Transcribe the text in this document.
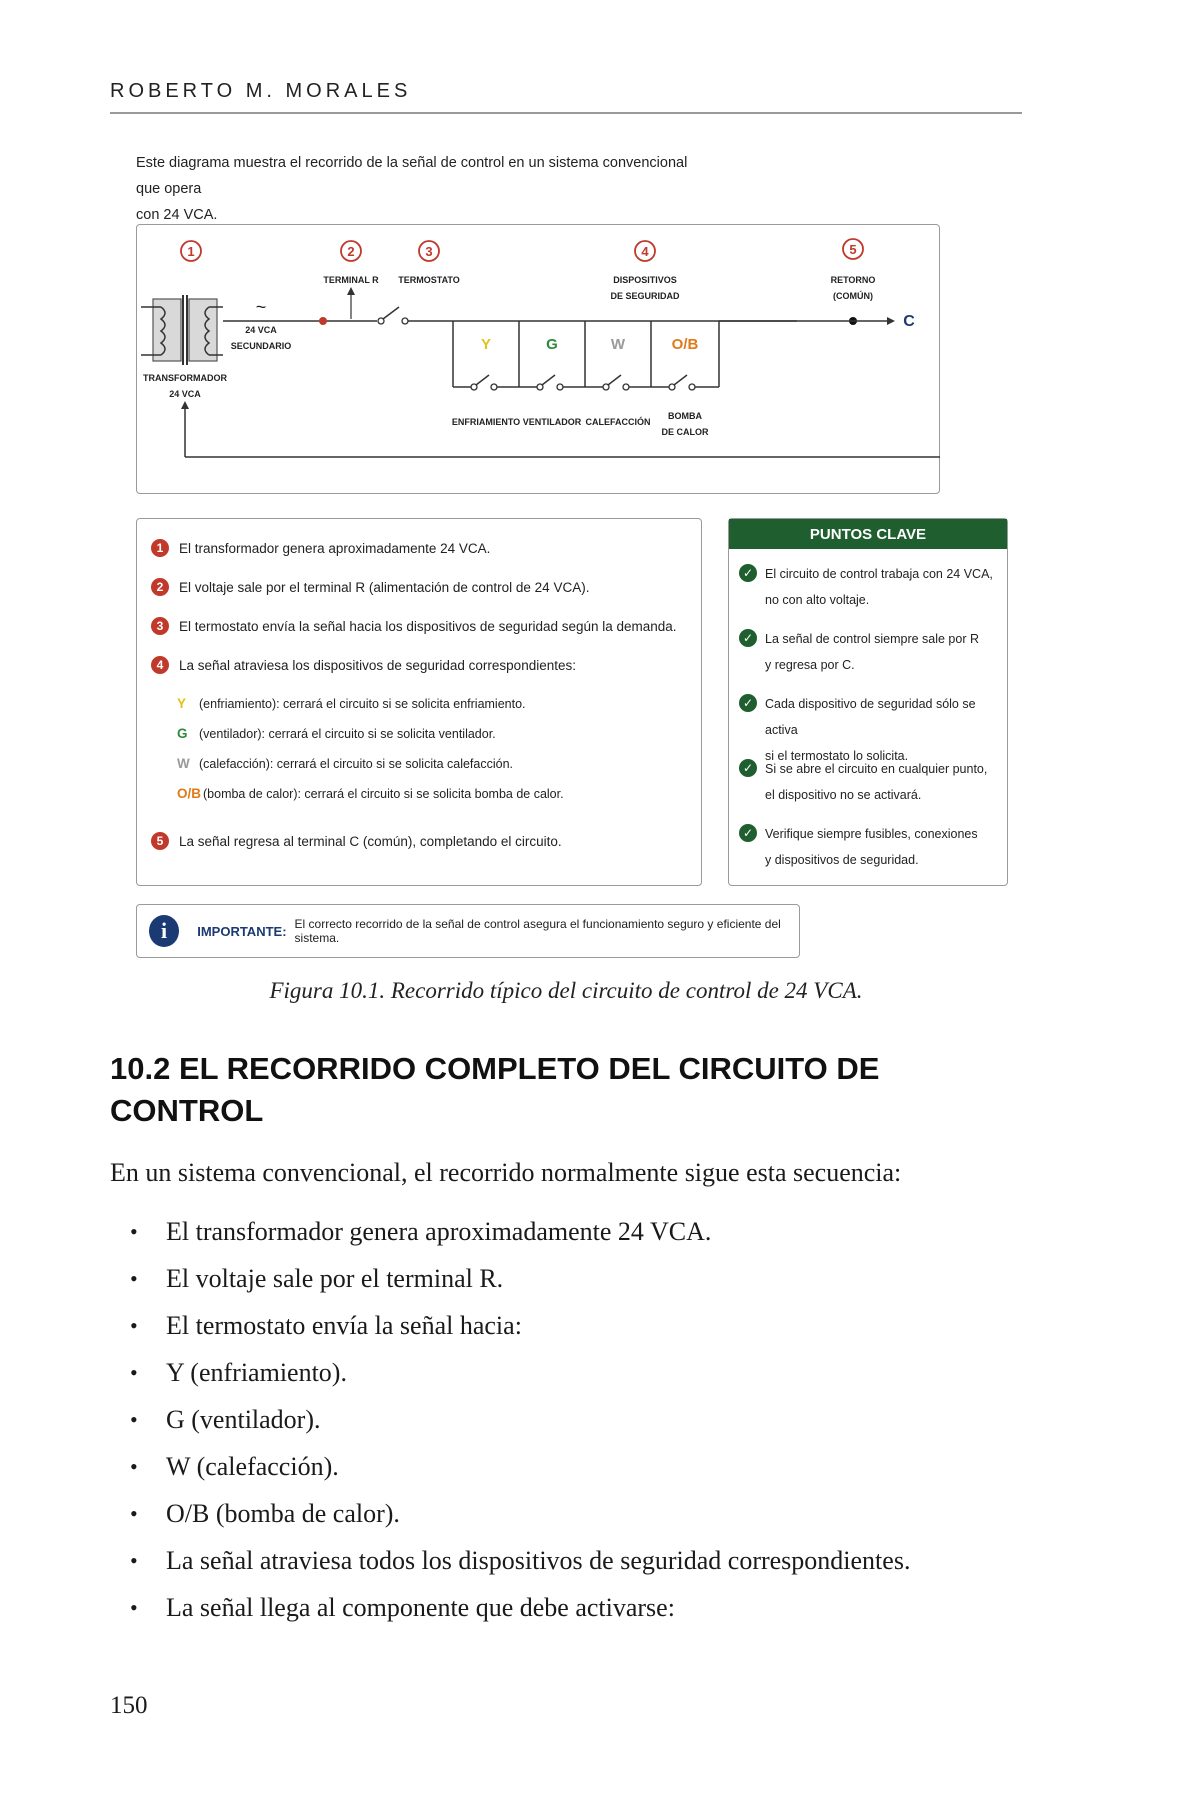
ROBERTO M. MORALES
Este diagrama muestra el recorrido de la señal de control en un sistema convencional que opera
con 24 VCA.
1	2
TERMINAL R
3
TERMOSTATO
4
DISPOSITIVOS
DE SEGURIDAD
5
RETORNO
(COMÚN)
TRANSFORMADOR
24 VCA
~
24 VCA
SECUNDARIO	Y	G	W	O/B
ENFRIAMIENTO VENTILADOR CALEFACCIÓN
BOMBA
DE CALOR
C
1	El transformador genera aproximadamente 24 VCA.
2	El voltaje sale por el terminal R (alimentación de control de 24 VCA).
3	El termostato envía la señal hacia los dispositivos de seguridad según la demanda.
4	La señal atraviesa los dispositivos de seguridad correspondientes:
Y	(enfriamiento): cerrará el circuito si se solicita enfriamiento.
G (ventilador): cerrará el circuito si se solicita ventilador.
W (calefacción): cerrará el circuito si se solicita calefacción.
O/B (bomba de calor): cerrará el circuito si se solicita bomba de calor.
5	La señal regresa al terminal C (común), completando el circuito.
PUNTOS CLAVE
✓ El circuito de control trabaja con 24 VCA,
no con alto voltaje.
✓ La señal de control siempre sale por R
y regresa por C.
✓ Cada dispositivo de seguridad sólo se activa
si el termostato lo solicita.
✓ Si se abre el circuito en cualquier punto,
el dispositivo no se activará.
✓ Verifique siempre fusibles, conexiones
y dispositivos de seguridad.
i	IMPORTANTE: El correcto recorrido de la señal de control asegura el funcionamiento seguro y eficiente del sistema.
Figura 10.1. Recorrido típico del circuito de control de 24 VCA.
10.2 EL RECORRIDO COMPLETO DEL CIRCUITO DE
CONTROL
En un sistema convencional, el recorrido normalmente sigue esta secuencia:
• El transformador genera aproximadamente 24 VCA.
• El voltaje sale por el terminal R.
• El termostato envía la señal hacia:
• Y (enfriamiento).
• G (ventilador).
• W (calefacción).
• O/B (bomba de calor).
• La señal atraviesa todos los dispositivos de seguridad correspondientes.
• La señal llega al componente que debe activarse:
150
